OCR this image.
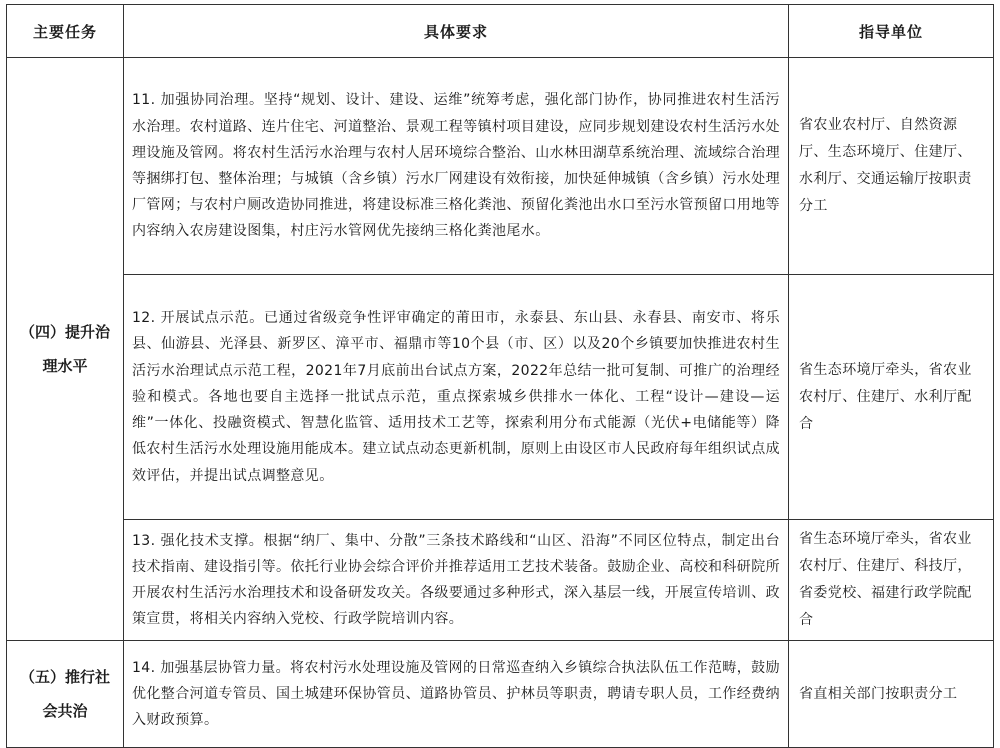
主要任务	具体要求	指导单位

（四）提升治
理水平	11. 加强协同治理。坚持“规划、设计、建设、运维”统筹考虑，强化部门协作，协同推进农村生活污水治理。农村道路、连片住宅、河道整治、景观工程等镇村项目建设，应同步规划建设农村生活污水处理设施及管网。将农村生活污水治理与农村人居环境综合整治、山水林田湖草系统治理、流域综合治理等捆绑打包、整体治理；与城镇（含乡镇）污水厂网建设有效衔接，加快延伸城镇（含乡镇）污水处理厂管网；与农村户厕改造协同推进，将建设标准三格化粪池、预留化粪池出水口至污水管预留口用地等内容纳入农房建设图集，村庄污水管网优先接纳三格化粪池尾水。	省农业农村厅、自然资源厅、生态环境厅、住建厅、水利厅、交通运输厅按职责分工
	12. 开展试点示范。已通过省级竞争性评审确定的莆田市，永泰县、东山县、永春县、南安市、将乐县、仙游县、光泽县、新罗区、漳平市、福鼎市等10个县（市、区）以及20个乡镇要加快推进农村生活污水治理试点示范工程，2021年7月底前出台试点方案，2022年总结一批可复制、可推广的治理经验和模式。各地也要自主选择一批试点示范，重点探索城乡供排水一体化、工程“设计—建设—运维”一体化、投融资模式、智慧化监管、适用技术工艺等，探索利用分布式能源（光伏+电储能等）降低农村生活污水处理设施用能成本。建立试点动态更新机制，原则上由设区市人民政府每年组织试点成效评估，并提出试点调整意见。	省生态环境厅牵头，省农业农村厅、住建厅、水利厅配合
	13. 强化技术支撑。根据“纳厂、集中、分散”三条技术路线和“山区、沿海”不同区位特点，制定出台技术指南、建设指引等。依托行业协会综合评价并推荐适用工艺技术装备。鼓励企业、高校和科研院所开展农村生活污水治理技术和设备研发攻关。各级要通过多种形式，深入基层一线，开展宣传培训、政策宣贯，将相关内容纳入党校、行政学院培训内容。	省生态环境厅牵头，省农业农村厅、住建厅、科技厅，省委党校、福建行政学院配合

（五）推行社
会共治	14. 加强基层协管力量。将农村污水处理设施及管网的日常巡查纳入乡镇综合执法队伍工作范畴，鼓励优化整合河道专管员、国土城建环保协管员、道路协管员、护林员等职责，聘请专职人员，工作经费纳入财政预算。	省直相关部门按职责分工
